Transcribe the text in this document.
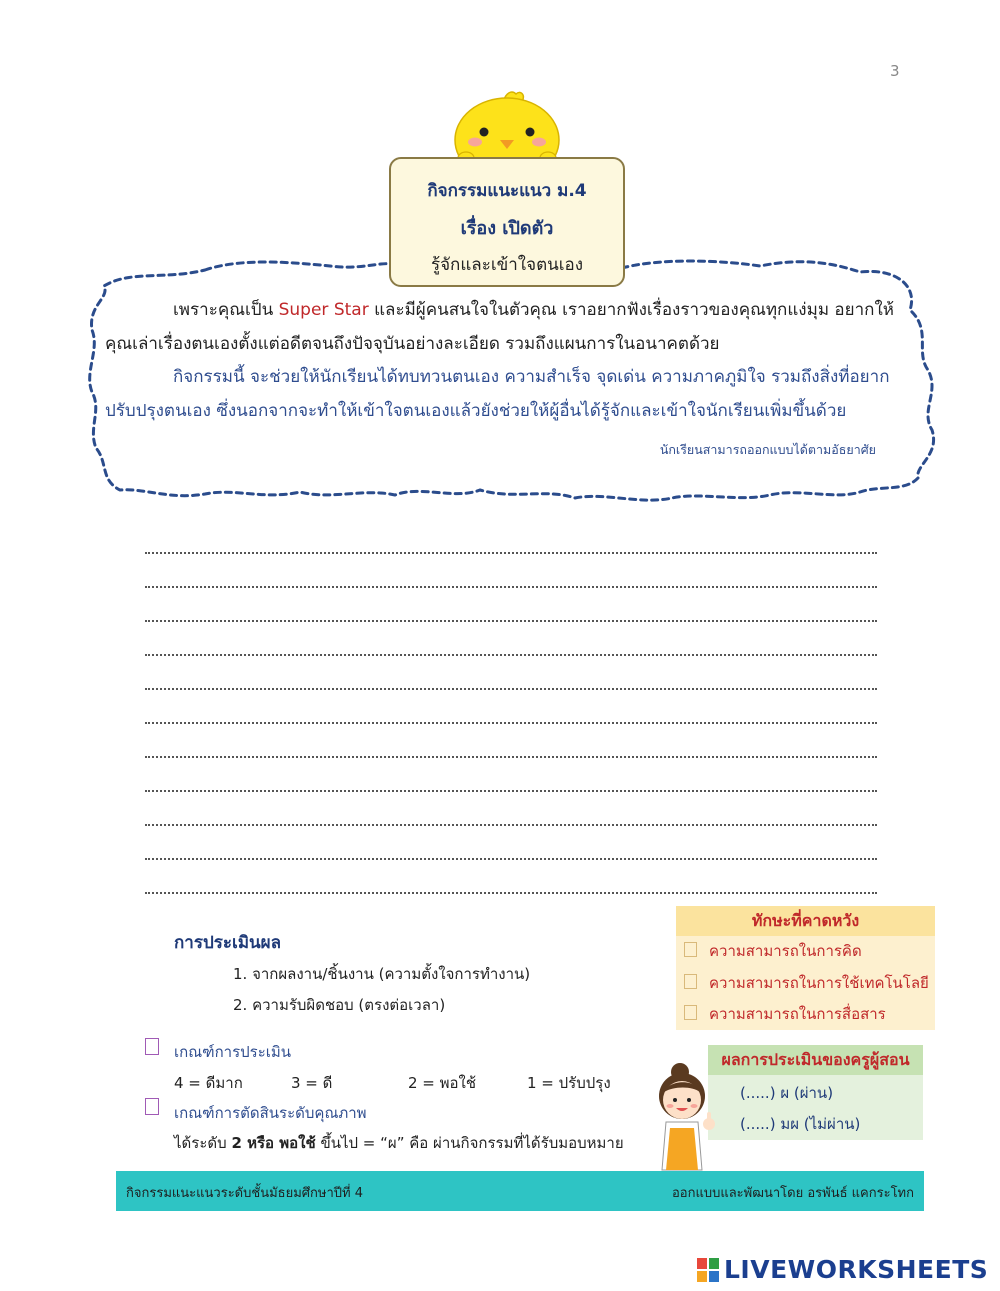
3
กิจกรรมแนะแนว ม.4
เรื่อง เปิดตัว
รู้จักและเข้าใจตนเอง
เพราะคุณเป็น Super Star และมีผู้คนสนใจในตัวคุณ เราอยากฟังเรื่องราวของคุณทุกแง่มุม อยากให้คุณเล่าเรื่องตนเองตั้งแต่อดีตจนถึงปัจจุบันอย่างละเอียด รวมถึงแผนการในอนาคตด้วย
กิจกรรมนี้ จะช่วยให้นักเรียนได้ทบทวนตนเอง ความสำเร็จ จุดเด่น ความภาคภูมิใจ รวมถึงสิ่งที่อยากปรับปรุงตนเอง ซึ่งนอกจากจะทำให้เข้าใจตนเองแล้วยังช่วยให้ผู้อื่นได้รู้จักและเข้าใจนักเรียนเพิ่มขึ้นด้วย
นักเรียนสามารถออกแบบได้ตามอัธยาศัย
การประเมินผล
1. จากผลงาน/ชิ้นงาน (ความตั้งใจการทำงาน)
2. ความรับผิดชอบ (ตรงต่อเวลา)
เกณฑ์การประเมิน
4 = ดีมาก	3 = ดี	2 = พอใช้	1 = ปรับปรุง
เกณฑ์การตัดสินระดับคุณภาพ
ได้ระดับ 2 หรือ พอใช้ ขึ้นไป = “ผ” คือ ผ่านกิจกรรมที่ได้รับมอบหมาย
ทักษะที่คาดหวัง
ความสามารถในการคิด
ความสามารถในการใช้เทคโนโลยี
ความสามารถในการสื่อสาร
ผลการประเมินของครูผู้สอน
(.....) ผ (ผ่าน)
(.....) มผ (ไม่ผ่าน)
กิจกรรมแนะแนวระดับชั้นมัธยมศึกษาปีที่ 4	ออกแบบและพัฒนาโดย อรพันธ์ แคกระโทก
LIVEWORKSHEETS
